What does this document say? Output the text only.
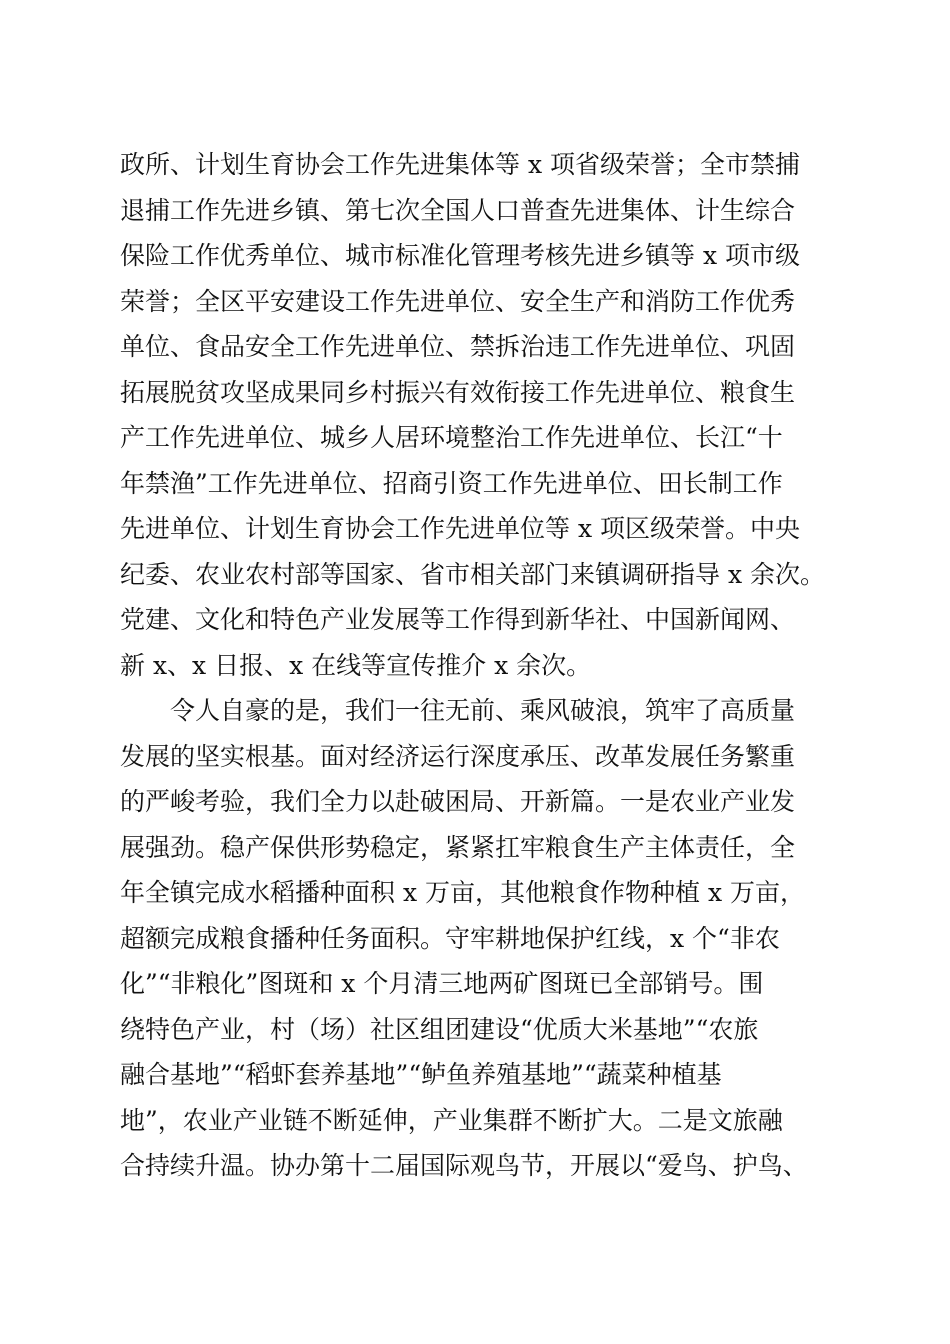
政所、计划生育协会工作先进集体等 x 项省级荣誉；全市禁捕
退捕工作先进乡镇、第七次全国人口普查先进集体、计生综合
保险工作优秀单位、城市标准化管理考核先进乡镇等 x 项市级
荣誉；全区平安建设工作先进单位、安全生产和消防工作优秀
单位、食品安全工作先进单位、禁拆治违工作先进单位、巩固
拓展脱贫攻坚成果同乡村振兴有效衔接工作先进单位、粮食生
产工作先进单位、城乡人居环境整治工作先进单位、长江“十
年禁渔”工作先进单位、招商引资工作先进单位、田长制工作
先进单位、计划生育协会工作先进单位等 x 项区级荣誉。中央
纪委、农业农村部等国家、省市相关部门来镇调研指导 x 余次。
党建、文化和特色产业发展等工作得到新华社、中国新闻网、
新 x、x 日报、x 在线等宣传推介 x 余次。
令人自豪的是，我们一往无前、乘风破浪，筑牢了高质量
发展的坚实根基。面对经济运行深度承压、改革发展任务繁重
的严峻考验，我们全力以赴破困局、开新篇。一是农业产业发
展强劲。稳产保供形势稳定，紧紧扛牢粮食生产主体责任，全
年全镇完成水稻播种面积 x 万亩，其他粮食作物种植 x 万亩，
超额完成粮食播种任务面积。守牢耕地保护红线，x 个“非农
化”“非粮化”图斑和 x 个月清三地两矿图斑已全部销号。围
绕特色产业，村（场）社区组团建设“优质大米基地”“农旅
融合基地”“稻虾套养基地”“鲈鱼养殖基地”“蔬菜种植基
地”，农业产业链不断延伸，产业集群不断扩大。二是文旅融
合持续升温。协办第十二届国际观鸟节，开展以“爱鸟、护鸟、
